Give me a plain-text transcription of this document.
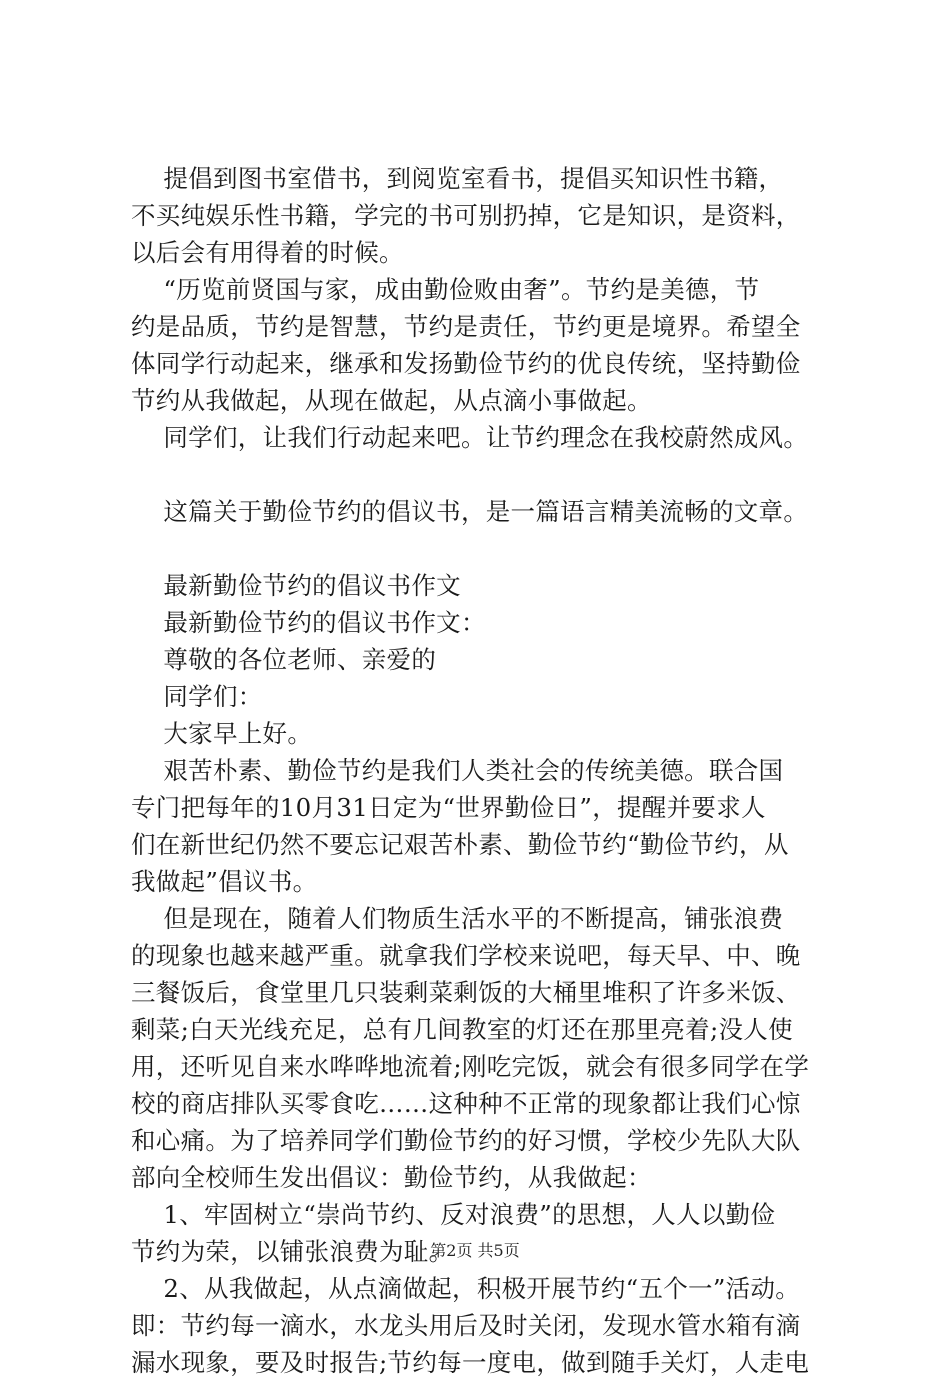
提倡到图书室借书，到阅览室看书，提倡买知识性书籍，
不买纯娱乐性书籍，学完的书可别扔掉，它是知识，是资料，
以后会有用得着的时候。
“历览前贤国与家，成由勤俭败由奢”。节约是美德，节
约是品质，节约是智慧，节约是责任，节约更是境界。希望全
体同学行动起来，继承和发扬勤俭节约的优良传统，坚持勤俭
节约从我做起，从现在做起，从点滴小事做起。
同学们，让我们行动起来吧。让节约理念在我校蔚然成风。
这篇关于勤俭节约的倡议书，是一篇语言精美流畅的文章。
最新勤俭节约的倡议书作文
最新勤俭节约的倡议书作文：
尊敬的各位老师、亲爱的
同学们：
大家早上好。
艰苦朴素、勤俭节约是我们人类社会的传统美德。联合国
专门把每年的10月31日定为“世界勤俭日”，提醒并要求人
们在新世纪仍然不要忘记艰苦朴素、勤俭节约“勤俭节约，从
我做起”倡议书。
但是现在，随着人们物质生活水平的不断提高，铺张浪费
的现象也越来越严重。就拿我们学校来说吧，每天早、中、晚
三餐饭后，食堂里几只装剩菜剩饭的大桶里堆积了许多米饭、
剩菜;白天光线充足，总有几间教室的灯还在那里亮着;没人使
用，还听见自来水哗哗地流着;刚吃完饭，就会有很多同学在学
校的商店排队买零食吃……这种种不正常的现象都让我们心惊
和心痛。为了培养同学们勤俭节约的好习惯，学校少先队大队
部向全校师生发出倡议：勤俭节约，从我做起：
1、牢固树立“崇尚节约、反对浪费”的思想，人人以勤俭
节约为荣，以铺张浪费为耻。
2、从我做起，从点滴做起，积极开展节约“五个一”活动。
即：节约每一滴水，水龙头用后及时关闭，发现水管水箱有滴
漏水现象，要及时报告;节约每一度电，做到随手关灯，人走电
第2页 共5页
